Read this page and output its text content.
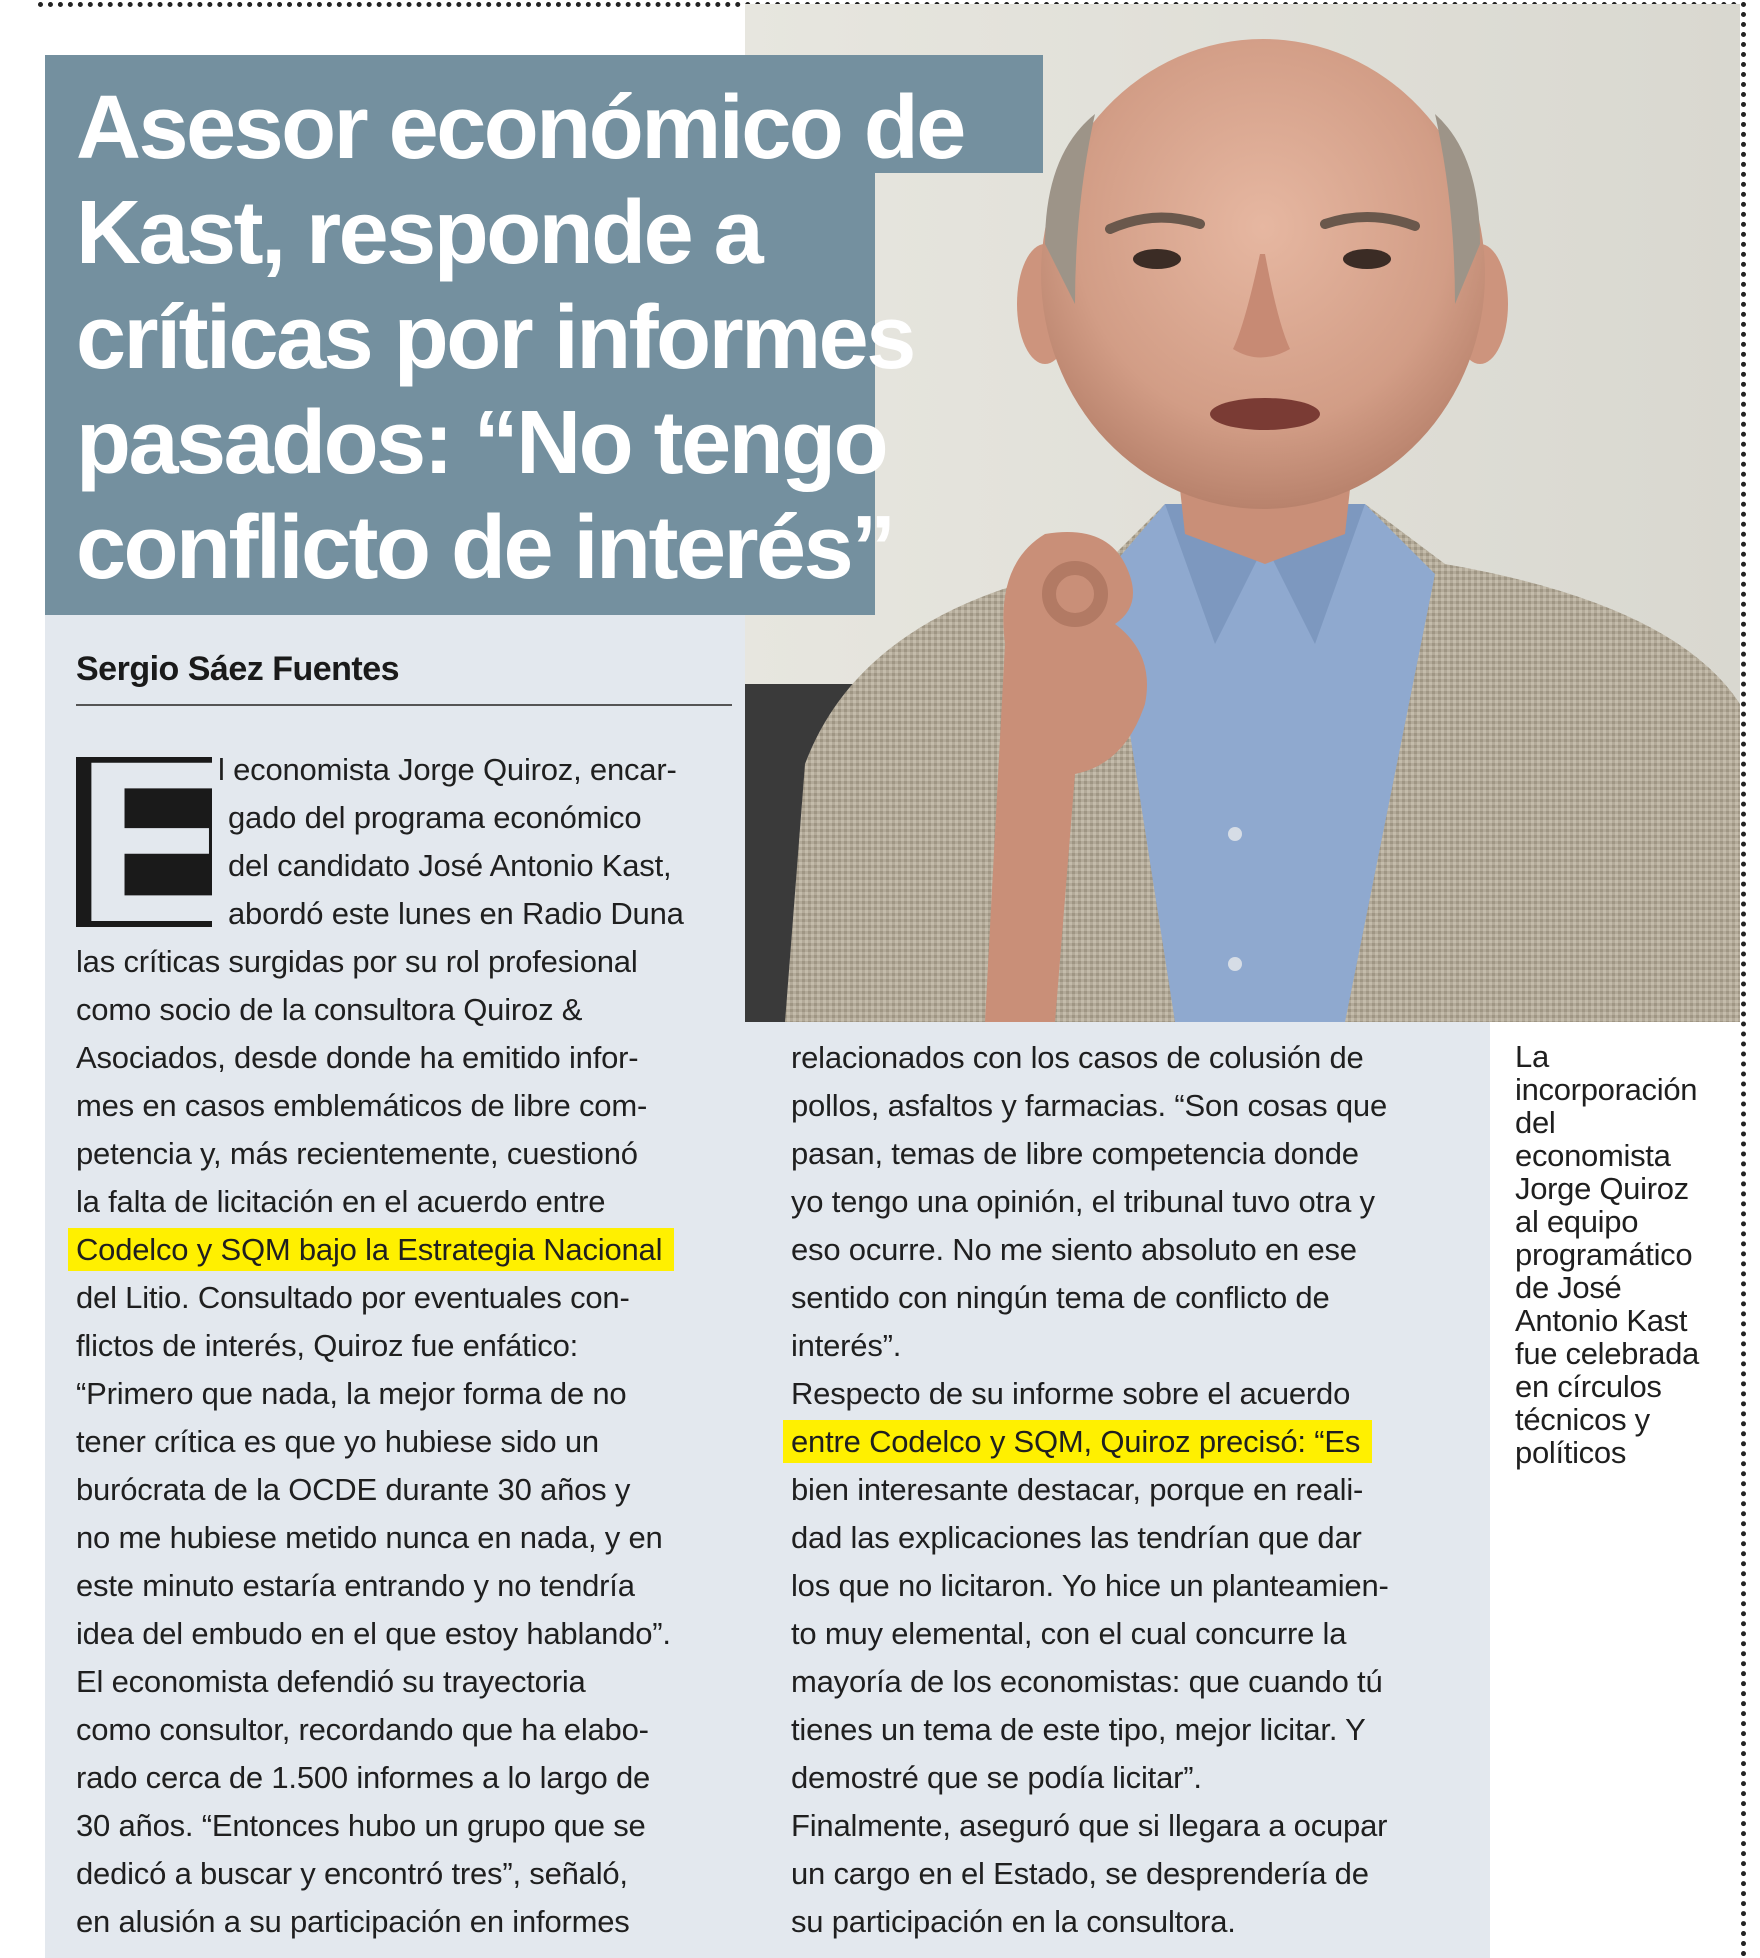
Asesor económico de
Kast, responde a
críticas por informes
pasados: “No tengo
conflicto de interés”
Sergio Sáez Fuentes
E
l economista Jorge Quiroz, encar-
gado del programa económico
del candidato José Antonio Kast,
abordó este lunes en Radio Duna
las críticas surgidas por su rol profesional
como socio de la consultora Quiroz &
Asociados, desde donde ha emitido infor-
mes en casos emblemáticos de libre com-
petencia y, más recientemente, cuestionó
la falta de licitación en el acuerdo entre
Codelco y SQM bajo la Estrategia Nacional
del Litio. Consultado por eventuales con-
flictos de interés, Quiroz fue enfático:
“Primero que nada, la mejor forma de no
tener crítica es que yo hubiese sido un
burócrata de la OCDE durante 30 años y
no me hubiese metido nunca en nada, y en
este minuto estaría entrando y no tendría
idea del embudo en el que estoy hablando”.
El economista defendió su trayectoria
como consultor, recordando que ha elabo-
rado cerca de 1.500 informes a lo largo de
30 años. “Entonces hubo un grupo que se
dedicó a buscar y encontró tres”, señaló,
en alusión a su participación en informes
relacionados con los casos de colusión de
pollos, asfaltos y farmacias. “Son cosas que
pasan, temas de libre competencia donde
yo tengo una opinión, el tribunal tuvo otra y
eso ocurre. No me siento absoluto en ese
sentido con ningún tema de conflicto de
interés”.
Respecto de su informe sobre el acuerdo
entre Codelco y SQM, Quiroz precisó: “Es
bien interesante destacar, porque en reali-
dad las explicaciones las tendrían que dar
los que no licitaron. Yo hice un planteamien-
to muy elemental, con el cual concurre la
mayoría de los economistas: que cuando tú
tienes un tema de este tipo, mejor licitar. Y
demostré que se podía licitar”.
Finalmente, aseguró que si llegara a ocupar
un cargo en el Estado, se desprendería de
su participación en la consultora.
La
incorporación
del
economista
Jorge Quiroz
al equipo
programático
de José
Antonio Kast
fue celebrada
en círculos
técnicos y
políticos
